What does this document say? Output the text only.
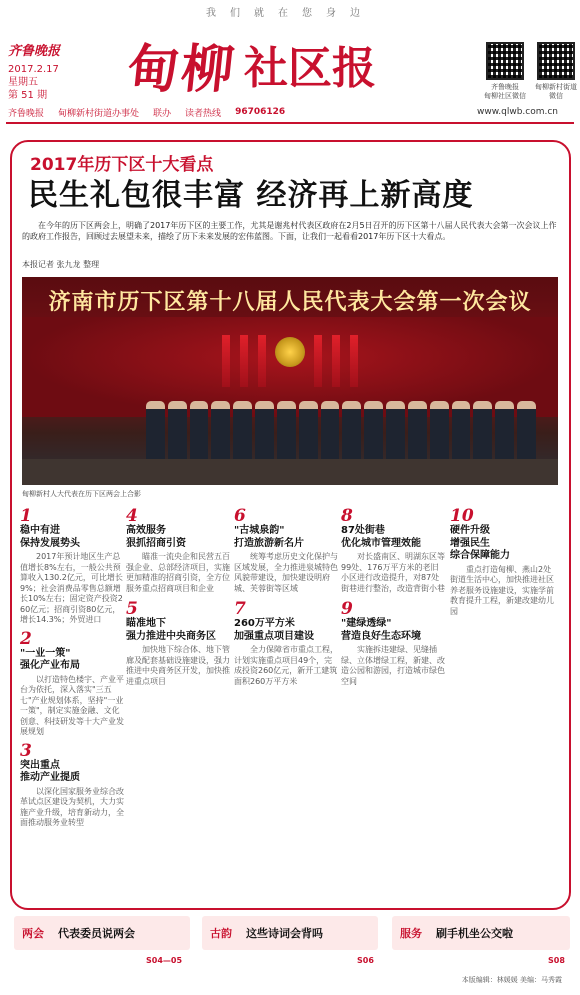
我们就在您身边
齐鲁晚报
2017.2.17
星期五
第 51 期 甸柳 社区报	齐鲁晚报
甸柳社区微信
甸柳新村街道
微信
齐鲁晚报 甸柳新村街道办事处 联办 读者热线 96706126	www.qlwb.com.cn
2017年历下区十大看点
民生礼包很丰富 经济再上新高度
在今年的历下区两会上，明确了2017年历下区的主要工作，尤其是谢兆村代表区政府在2月5日召开的历下区第十八届人民代表大会第一次会议上作的政府工作报告，回顾过去展望未来，描绘了历下未来发展的宏伟蓝图。下面，让我们一起看看2017年历下区十大看点。
本报记者 张九龙 整理
济南市历下区第十八届人民代表大会第一次会议
甸柳新村人大代表在历下区两会上合影
1
稳中有进
保持发展势头
2017年预计地区生产总值增长8%左右，一般公共预算收入130.2亿元，可比增长9%；社会消费品零售总额增长10%左右；固定资产投资260亿元；招商引资80亿元，增长14.3%；外贸进口
2
"一业一策"
强化产业布局
以打造特色楼宇、产业平台为依托，深入落实"三五七"产业规划体系，坚持"一业一策"，制定实施金融、文化创意、科技研发等十大产业发展规划
3
突出重点
推动产业提质
以深化国家服务业综合改革试点区建设为契机，大力实施产业升级，培育新动力，全面推动服务业转型
4
高效服务
狠抓招商引资
瞄准一流央企和民营五百强企业、总部经济项目，实施更加精准的招商引资，全方位服务重点招商项目和企业
5
瞄准地下
强力推进中央商务区
加快地下综合体、地下管廊及配套基础设施建设，强力推进中央商务区开发，加快推进重点项目
6
"古城泉韵"
打造旅游新名片
统筹考虑历史文化保护与区域发展，全力推进泉城特色风貌带建设，加快建设明府城、芙蓉街等区域
7
260万平方米
加强重点项目建设
全力保障省市重点工程，计划实施重点项目49个，完成投资260亿元，新开工建筑面积260万平方米
8
87处街巷
优化城市管理效能
对长盛南区、明湖东区等99处、176万平方米的老旧小区进行改造提升，对87处街巷进行整治，改造背街小巷
9
"建绿透绿"
营造良好生态环境
实施拆违建绿、见缝插绿、立体增绿工程，新建、改造公园和游园，打造城市绿色空间
10
硬件升级
增强民生
综合保障能力
重点打造甸柳、燕山2处街道生活中心，加快推进社区养老服务设施建设，实施学前教育提升工程，新建改建幼儿园
两会 代表委员说两会	古韵 这些诗词会背吗	服务 刷手机坐公交啦
S04—05	S06	S08
本版编辑：林媛媛 美编：马秀霞
